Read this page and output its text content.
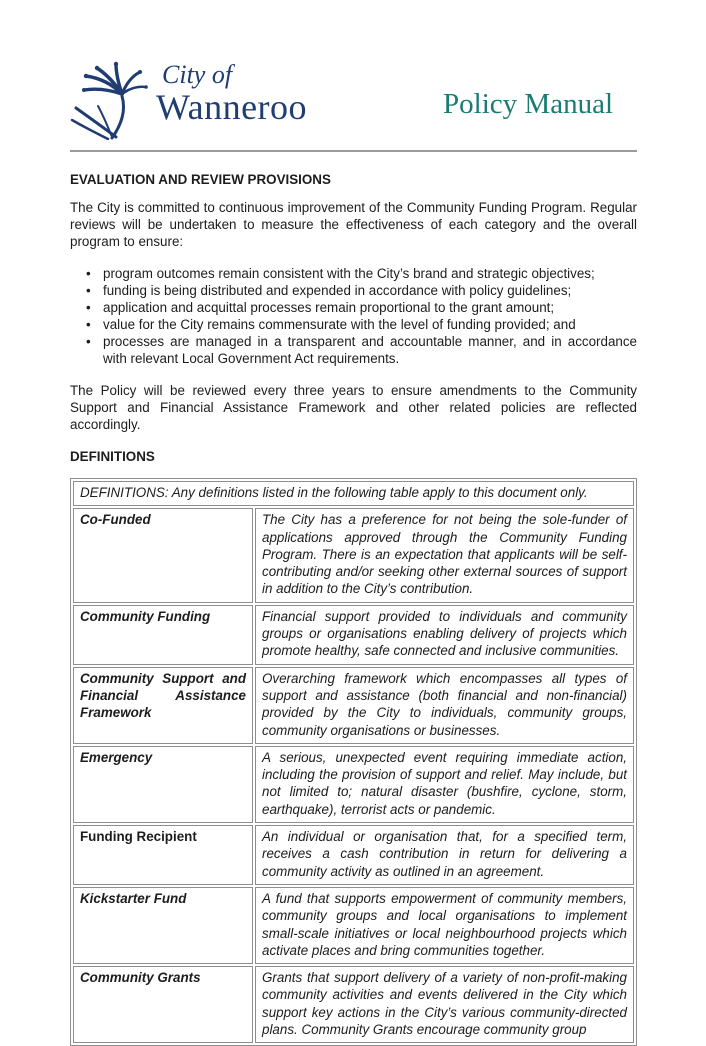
City of
Wanneroo	Policy Manual
EVALUATION AND REVIEW PROVISIONS

The City is committed to continuous improvement of the Community Funding Program. Regular reviews will be undertaken to measure the effectiveness of each category and the overall program to ensure:

• program outcomes remain consistent with the City’s brand and strategic objectives;
• funding is being distributed and expended in accordance with policy guidelines;
• application and acquittal processes remain proportional to the grant amount;
• value for the City remains commensurate with the level of funding provided; and
• processes are managed in a transparent and accountable manner, and in accordance with relevant Local Government Act requirements.

The Policy will be reviewed every three years to ensure amendments to the Community Support and Financial Assistance Framework and other related policies are reflected accordingly.

DEFINITIONS
DEFINITIONS: Any definitions listed in the following table apply to this document only.	
Co-Funded	The City has a preference for not being the sole-funder of applications approved through the Community Funding Program. There is an expectation that applicants will be self-contributing and/or seeking other external sources of support in addition to the City’s contribution.
Community Funding	Financial support provided to individuals and community groups or organisations enabling delivery of projects which promote healthy, safe connected and inclusive communities.
Community Support and Financial Assistance Framework	Overarching framework which encompasses all types of support and assistance (both financial and non-financial) provided by the City to individuals, community groups, community organisations or businesses.
Emergency	A serious, unexpected event requiring immediate action, including the provision of support and relief. May include, but not limited to; natural disaster (bushfire, cyclone, storm, earthquake), terrorist acts or pandemic.
Funding Recipient	An individual or organisation that, for a specified term, receives a cash contribution in return for delivering a community activity as outlined in an agreement.
Kickstarter Fund	A fund that supports empowerment of community members, community groups and local organisations to implement small-scale initiatives or local neighbourhood projects which activate places and bring communities together.
Community Grants	Grants that support delivery of a variety of non-profit-making community activities and events delivered in the City which support key actions in the City’s various community-directed plans. Community Grants encourage community group
